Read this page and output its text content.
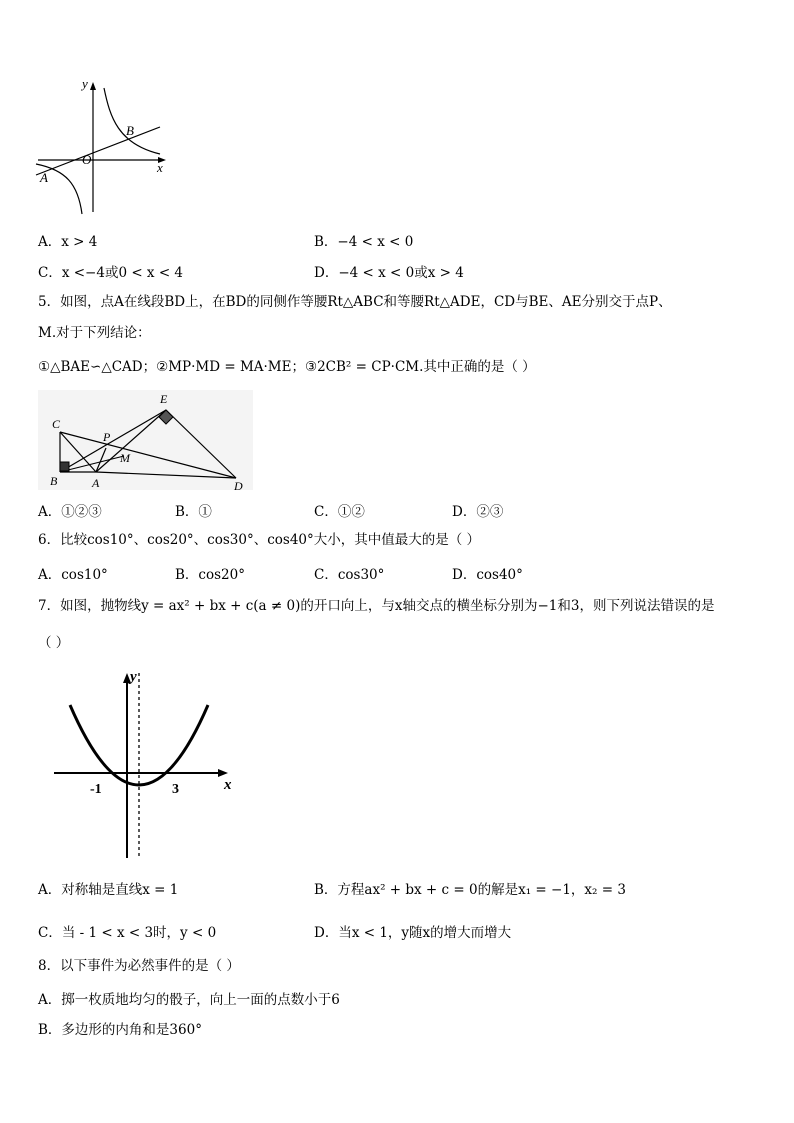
y
x
O
A
B
A．x > 4	B．−4 < x < 0
C．x <−4或0 < x < 4	D．−4 < x < 0或x > 4
5．如图，点A在线段BD上，在BD的同侧作等腰Rt△ABC和等腰Rt△ADE，CD与BE、AE分别交于点P、
M.对于下列结论：
①△BAE∽△CAD；②MP·MD = MA·ME；③2CB² = CP·CM.其中正确的是（ ）
C
E
P
M
B	A	D
A．①②③	B．①	C．①②	D．②③
6．比较cos10°、cos20°、cos30°、cos40°大小，其中值最大的是（ ）
A．cos10°	B．cos20°	C．cos30°	D．cos40°
7．如图，抛物线y = ax² + bx + c(a ≠ 0)的开口向上，与x轴交点的横坐标分别为−1和3，则下列说法错误的是
（ ）
y
x
-1	3
A．对称轴是直线x = 1	B．方程ax² + bx + c = 0的解是x₁ = −1，x₂ = 3
C．当 - 1 < x < 3时，y < 0	D．当x < 1，y随x的增大而增大
8．以下事件为必然事件的是（ ）
A．掷一枚质地均匀的骰子，向上一面的点数小于6
B．多边形的内角和是360°
